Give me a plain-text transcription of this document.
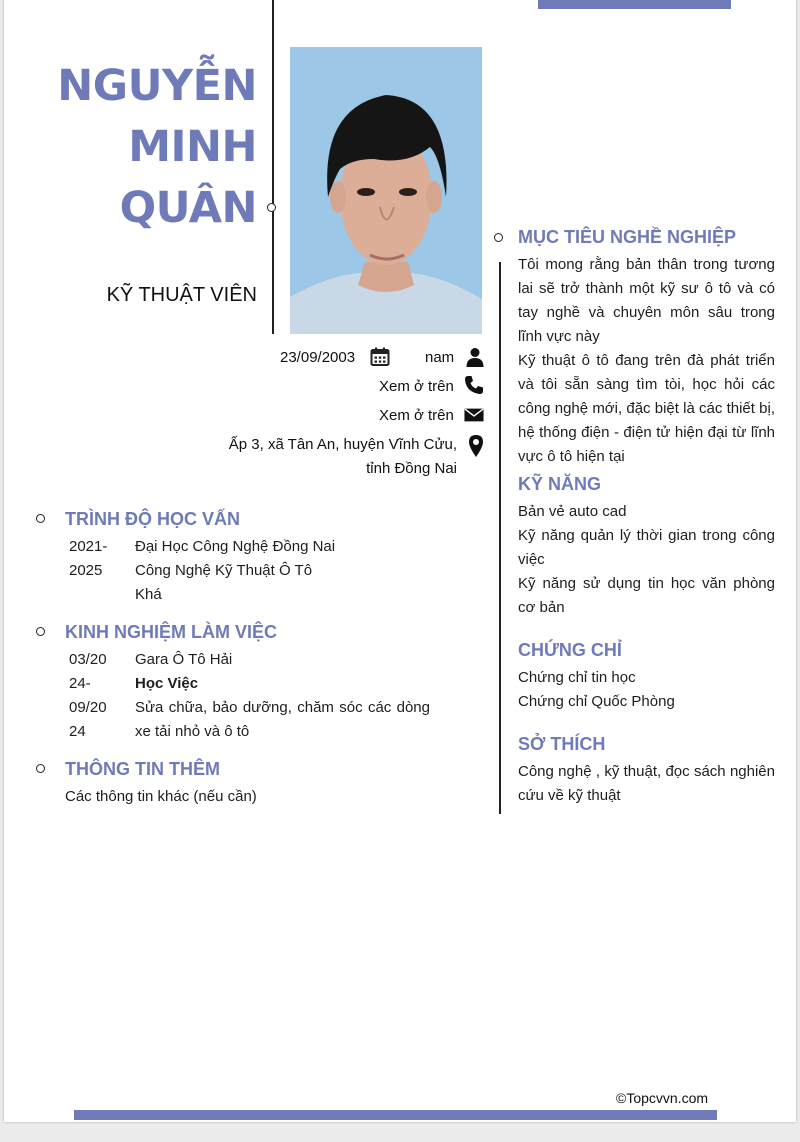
NGUYỄN
MINH
QUÂN
KỸ THUẬT VIÊN
23/09/2003	nam
Xem ở trên
Xem ở trên
Ấp 3, xã Tân An, huyện Vĩnh Cửu,
tỉnh Đồng Nai
TRÌNH ĐỘ HỌC VẤN
2021-
2025
Đại Học Công Nghệ Đồng Nai
Công Nghệ Kỹ Thuật Ô Tô
Khá
KINH NGHIỆM LÀM VIỆC
03/20
24-
09/20
24
Gara Ô Tô Hải
Học Việc
Sửa chữa, bảo dưỡng, chăm sóc các dòng xe tải nhỏ và ô tô
THÔNG TIN THÊM
Các thông tin khác (nếu cần)
MỤC TIÊU NGHỀ NGHIỆP
Tôi mong rằng bản thân trong tương lai sẽ trở thành một kỹ sư ô tô và có tay nghề và chuyên môn sâu trong lĩnh vực này
Kỹ thuật ô tô đang trên đà phát triển và tôi sẵn sàng tìm tòi, học hỏi các công nghệ mới, đặc biệt là các thiết bị, hệ thống điện - điện tử hiện đại từ lĩnh vực ô tô hiện tại
KỸ NĂNG
Bản vẻ auto cad
Kỹ năng quản lý thời gian trong công việc
Kỹ năng sử dụng tin học văn phòng cơ bản
CHỨNG CHỈ
Chứng chỉ tin học
Chứng chỉ Quốc Phòng
SỞ THÍCH
Công nghệ , kỹ thuật, đọc sách nghiên cứu về kỹ thuật
©Topcvvn.com
